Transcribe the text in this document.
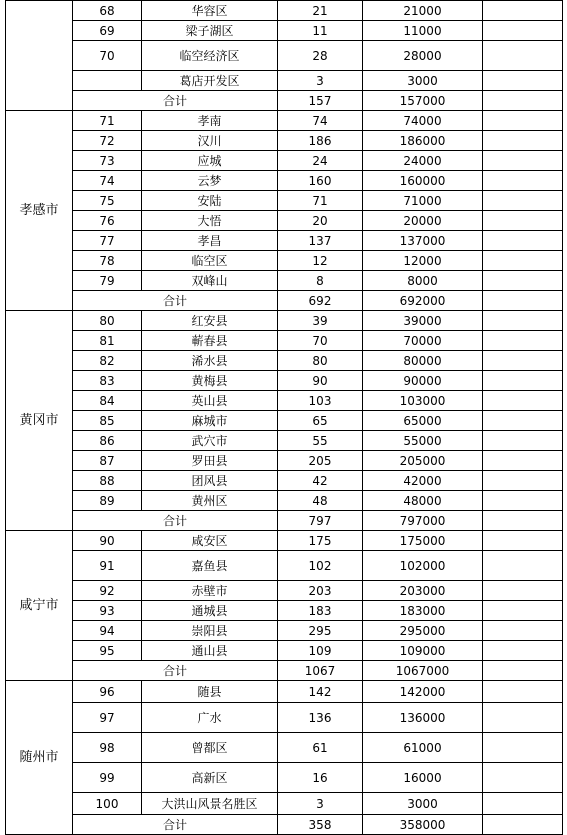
	68	华容区	21	21000	
	69	梁子湖区	11	11000	
	70	临空经济区	28	28000	
		葛店开发区	3	3000	
	合计		157	157000	
孝感市	71	孝南	74	74000	
	72	汉川	186	186000	
	73	应城	24	24000	
	74	云梦	160	160000	
	75	安陆	71	71000	
	76	大悟	20	20000	
	77	孝昌	137	137000	
	78	临空区	12	12000	
	79	双峰山	8	8000	
	合计		692	692000	
黄冈市	80	红安县	39	39000	
	81	蕲春县	70	70000	
	82	浠水县	80	80000	
	83	黄梅县	90	90000	
	84	英山县	103	103000	
	85	麻城市	65	65000	
	86	武穴市	55	55000	
	87	罗田县	205	205000	
	88	团风县	42	42000	
	89	黄州区	48	48000	
	合计		797	797000	
咸宁市	90	咸安区	175	175000	
	91	嘉鱼县	102	102000	
	92	赤壁市	203	203000	
	93	通城县	183	183000	
	94	崇阳县	295	295000	
	95	通山县	109	109000	
	合计		1067	1067000	
随州市	96	随县	142	142000	
	97	广水	136	136000	
	98	曾都区	61	61000	
	99	高新区	16	16000	
	100	大洪山风景名胜区	3	3000	
	合计		358	358000	
